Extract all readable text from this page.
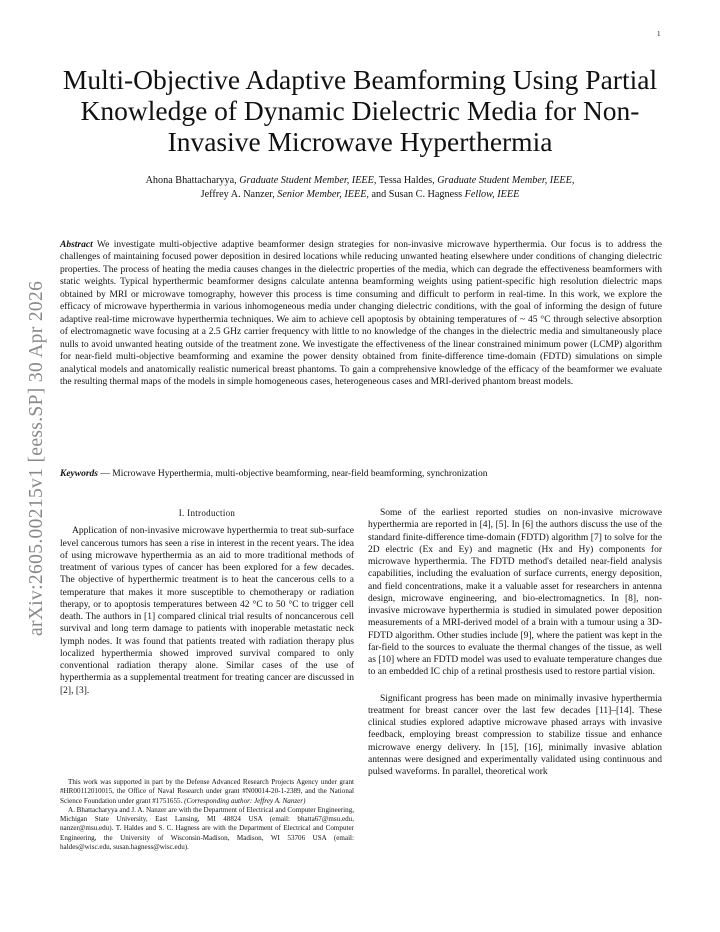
1
arXiv:2605.00215v1 [eess.SP] 30 Apr 2026
Multi-Objective Adaptive Beamforming Using Partial Knowledge of Dynamic Dielectric Media for Non-Invasive Microwave Hyperthermia
Ahona Bhattacharyya, Graduate Student Member, IEEE, Tessa Haldes, Graduate Student Member, IEEE,
Jeffrey A. Nanzer, Senior Member, IEEE, and Susan C. Hagness Fellow, IEEE
Abstract We investigate multi-objective adaptive beamformer design strategies for non-invasive microwave hyperthermia. Our focus is to address the challenges of maintaining focused power deposition in desired locations while reducing unwanted heating elsewhere under conditions of changing dielectric properties. The process of heating the media causes changes in the dielectric properties of the media, which can degrade the effectiveness beamformers with static weights. Typical hyperthermic beamformer designs calculate antenna beamforming weights using patient-specific high resolution dielectric maps obtained by MRI or microwave tomography, however this process is time consuming and difficult to perform in real-time. In this work, we explore the efficacy of microwave hyperthermia in various inhomogeneous media under changing dielectric conditions, with the goal of informing the design of future adaptive real-time microwave hyperthermia techniques. We aim to achieve cell apoptosis by obtaining temperatures of ~ 45 °C through selective absorption of electromagnetic wave focusing at a 2.5 GHz carrier frequency with little to no knowledge of the changes in the dielectric media and simultaneously place nulls to avoid unwanted heating outside of the treatment zone. We investigate the effectiveness of the linear constrained minimum power (LCMP) algorithm for near-field multi-objective beamforming and examine the power density obtained from finite-difference time-domain (FDTD) simulations on simple analytical models and anatomically realistic numerical breast phantoms. To gain a comprehensive knowledge of the efficacy of the beamformer we evaluate the resulting thermal maps of the models in simple homogeneous cases, heterogeneous cases and MRI-derived phantom breast models.
Keywords — Microwave Hyperthermia, multi-objective beamforming, near-field beamforming, synchronization
I. Introduction

Application of non-invasive microwave hyperthermia to treat sub-surface level cancerous tumors has seen a rise in interest in the recent years. The idea of using microwave hyperthermia as an aid to more traditional methods of treatment of various types of cancer has been explored for a few decades. The objective of hyperthermic treatment is to heat the cancerous cells to a temperature that makes it more susceptible to chemotherapy or radiation therapy, or to apoptosis temperatures between 42 °C to 50 °C to trigger cell death. The authors in [1] compared clinical trial results of noncancerous cell survival and long term damage to patients with inoperable metastatic neck lymph nodes. It was found that patients treated with radiation therapy plus localized hyperthermia showed improved survival compared to only conventional radiation therapy alone. Similar cases of the use of hyperthermia as a supplemental treatment for treating cancer are discussed in [2], [3].

Some of the earliest reported studies on non-invasive microwave hyperthermia are reported in [4], [5]. In [6] the authors discuss the use of the standard finite-difference time-domain (FDTD) algorithm [7] to solve for the 2D electric (Ex and Ey) and magnetic (Hx and Hy) components for microwave hyperthermia. The FDTD method's detailed near-field analysis capabilities, including the evaluation of surface currents, energy deposition, and field concentrations, make it a valuable asset for researchers in antenna design, microwave engineering, and bio-electromagnetics. In [8], non-invasive microwave hyperthermia is studied in simulated power deposition measurements of a MRI-derived model of a brain with a tumour using a 3D-FDTD algorithm. Other studies include [9], where the patient was kept in the far-field to the sources to evaluate the thermal changes of the tissue, as well as [10] where an FDTD model was used to evaluate temperature changes due to an embedded IC chip of a retinal prosthesis used to restore partial vision.

Significant progress has been made on minimally invasive hyperthermia treatment for breast cancer over the last few decades [11]–[14]. These clinical studies explored adaptive microwave phased arrays with invasive feedback, employing breast compression to stabilize tissue and enhance microwave energy delivery. In [15], [16], minimally invasive ablation antennas were designed and experimentally validated using continuous and pulsed waveforms. In parallel, theoretical work

This work was supported in part by the Defense Advanced Research Projects Agency under grant #HR00112010015, the Office of Naval Research under grant #N00014-20-1-2389, and the National Science Foundation under grant #1751655. (Corresponding author: Jeffrey A. Nanzer)

A. Bhattacharyya and J. A. Nanzer are with the Department of Electrical and Computer Engineering, Michigan State University, East Lansing, MI 48824 USA (email: bhatta67@msu.edu, nanzer@msu.edu). T. Haldes and S. C. Hagness are with the Department of Electrical and Computer Engineering, the University of Wisconsin-Madison, Madison, WI 53706 USA (email: haldes@wisc.edu, susan.hagness@wisc.edu).
